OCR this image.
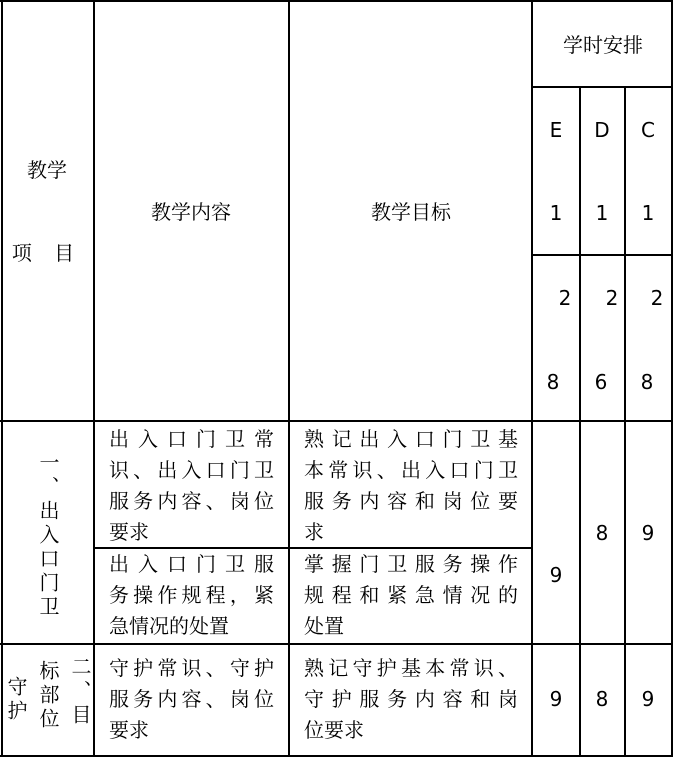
教学
项 目
教学内容	教学目标
学时安排
E D C
1 1 1
2 2 2
8 6 8
一、出入口门卫
出入口门卫常
识、出入口门卫
服务内容、岗位
要求
熟记出入口门卫基
本常识、出入口门卫
服务内容和岗位要
求
出入口门卫服
务操作规程，紧
急情况的处置
掌握门卫服务操作
规程和紧急情况的
处置
9
8 9
二、目
标部位
守护
守护常识、守护
服务内容、岗位
要求
熟记守护基本常识、
守护服务内容和岗
位要求
9 8 9
